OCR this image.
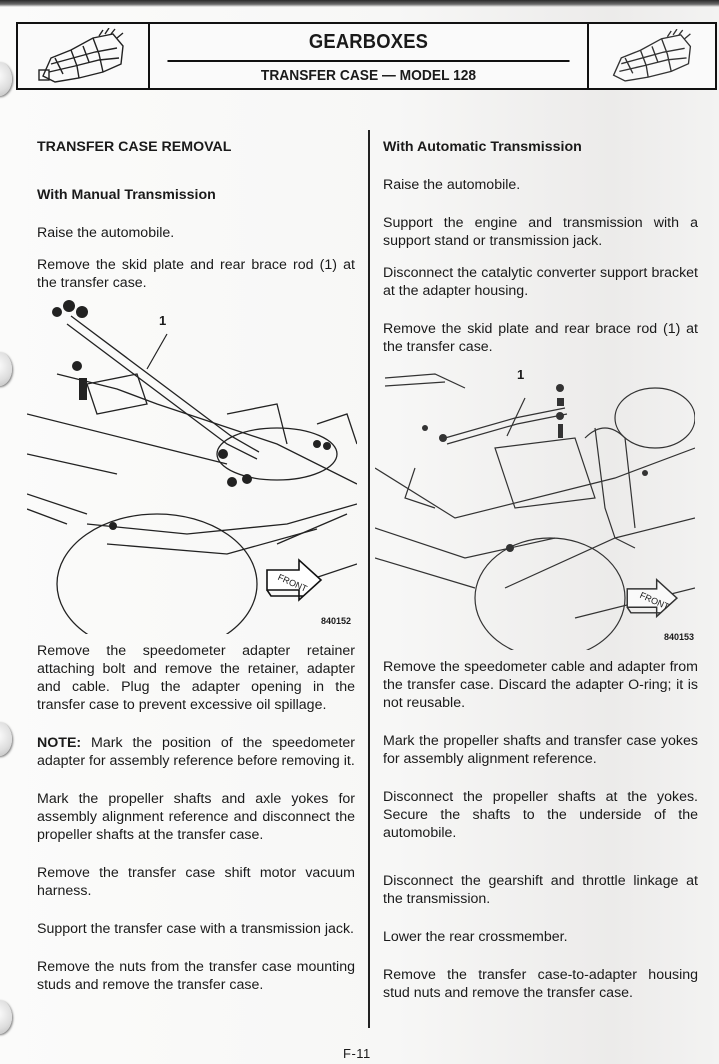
GEARBOXES
TRANSFER CASE — MODEL 128
TRANSFER CASE REMOVAL
With Manual Transmission

Raise the automobile.

Remove the skid plate and rear brace rod (1) at the transfer case.

1
FRONT
840152

Remove the speedometer adapter retainer attaching bolt and remove the retainer, adapter and cable. Plug the adapter opening in the transfer case to prevent excessive oil spillage.

NOTE: Mark the position of the speedometer adapter for assembly reference before removing it.

Mark the propeller shafts and axle yokes for assembly alignment reference and disconnect the propeller shafts at the transfer case.

Remove the transfer case shift motor vacuum harness.

Support the transfer case with a transmission jack.

Remove the nuts from the transfer case mounting studs and remove the transfer case.

With Automatic Transmission

Raise the automobile.

Support the engine and transmission with a support stand or transmission jack.

Disconnect the catalytic converter support bracket at the adapter housing.

Remove the skid plate and rear brace rod (1) at the transfer case.

1
FRONT
840153

Remove the speedometer cable and adapter from the transfer case. Discard the adapter O-ring; it is not reusable.

Mark the propeller shafts and transfer case yokes for assembly alignment reference.

Disconnect the propeller shafts at the yokes. Secure the shafts to the underside of the automobile.

Disconnect the gearshift and throttle linkage at the transmission.

Lower the rear crossmember.

Remove the transfer case-to-adapter housing stud nuts and remove the transfer case.

F-11
